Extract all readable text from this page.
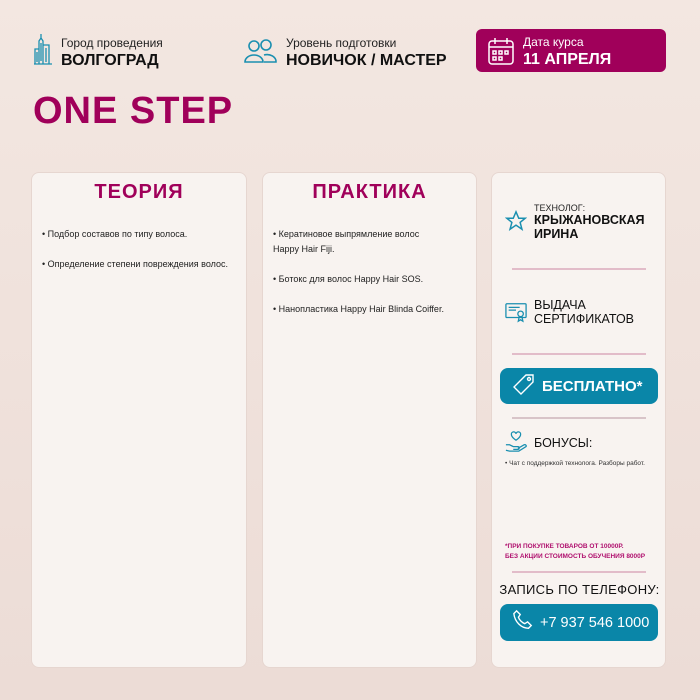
Город проведения
ВОЛГОГРАД
Уровень подготовки
НОВИЧОК / МАСТЕР
Дата курса
11 АПРЕЛЯ
ONE STEP
ТЕОРИЯ

• Подбор составов по типу волоса.

• Определение степени повреждения волос.

ПРАКТИКА

• Кератиновое выпрямление волос
Happy Hair Fiji.

• Ботокс для волос Happy Hair SOS.

• Нанопластика Happy Hair Blinda Coiffer.

ТЕХНОЛОГ:
КРЫЖАНОВСКАЯ ИРИНА
ВЫДАЧА СЕРТИФИКАТОВ
БЕСПЛАТНО*
БОНУСЫ:
• Чат с поддержкой технолога. Разборы работ.
*ПРИ ПОКУПКЕ ТОВАРОВ ОТ 10000Р.
БЕЗ АКЦИИ СТОИМОСТЬ ОБУЧЕНИЯ 8000Р
ЗАПИСЬ ПО ТЕЛЕФОНУ:
+7 937 546 1000
